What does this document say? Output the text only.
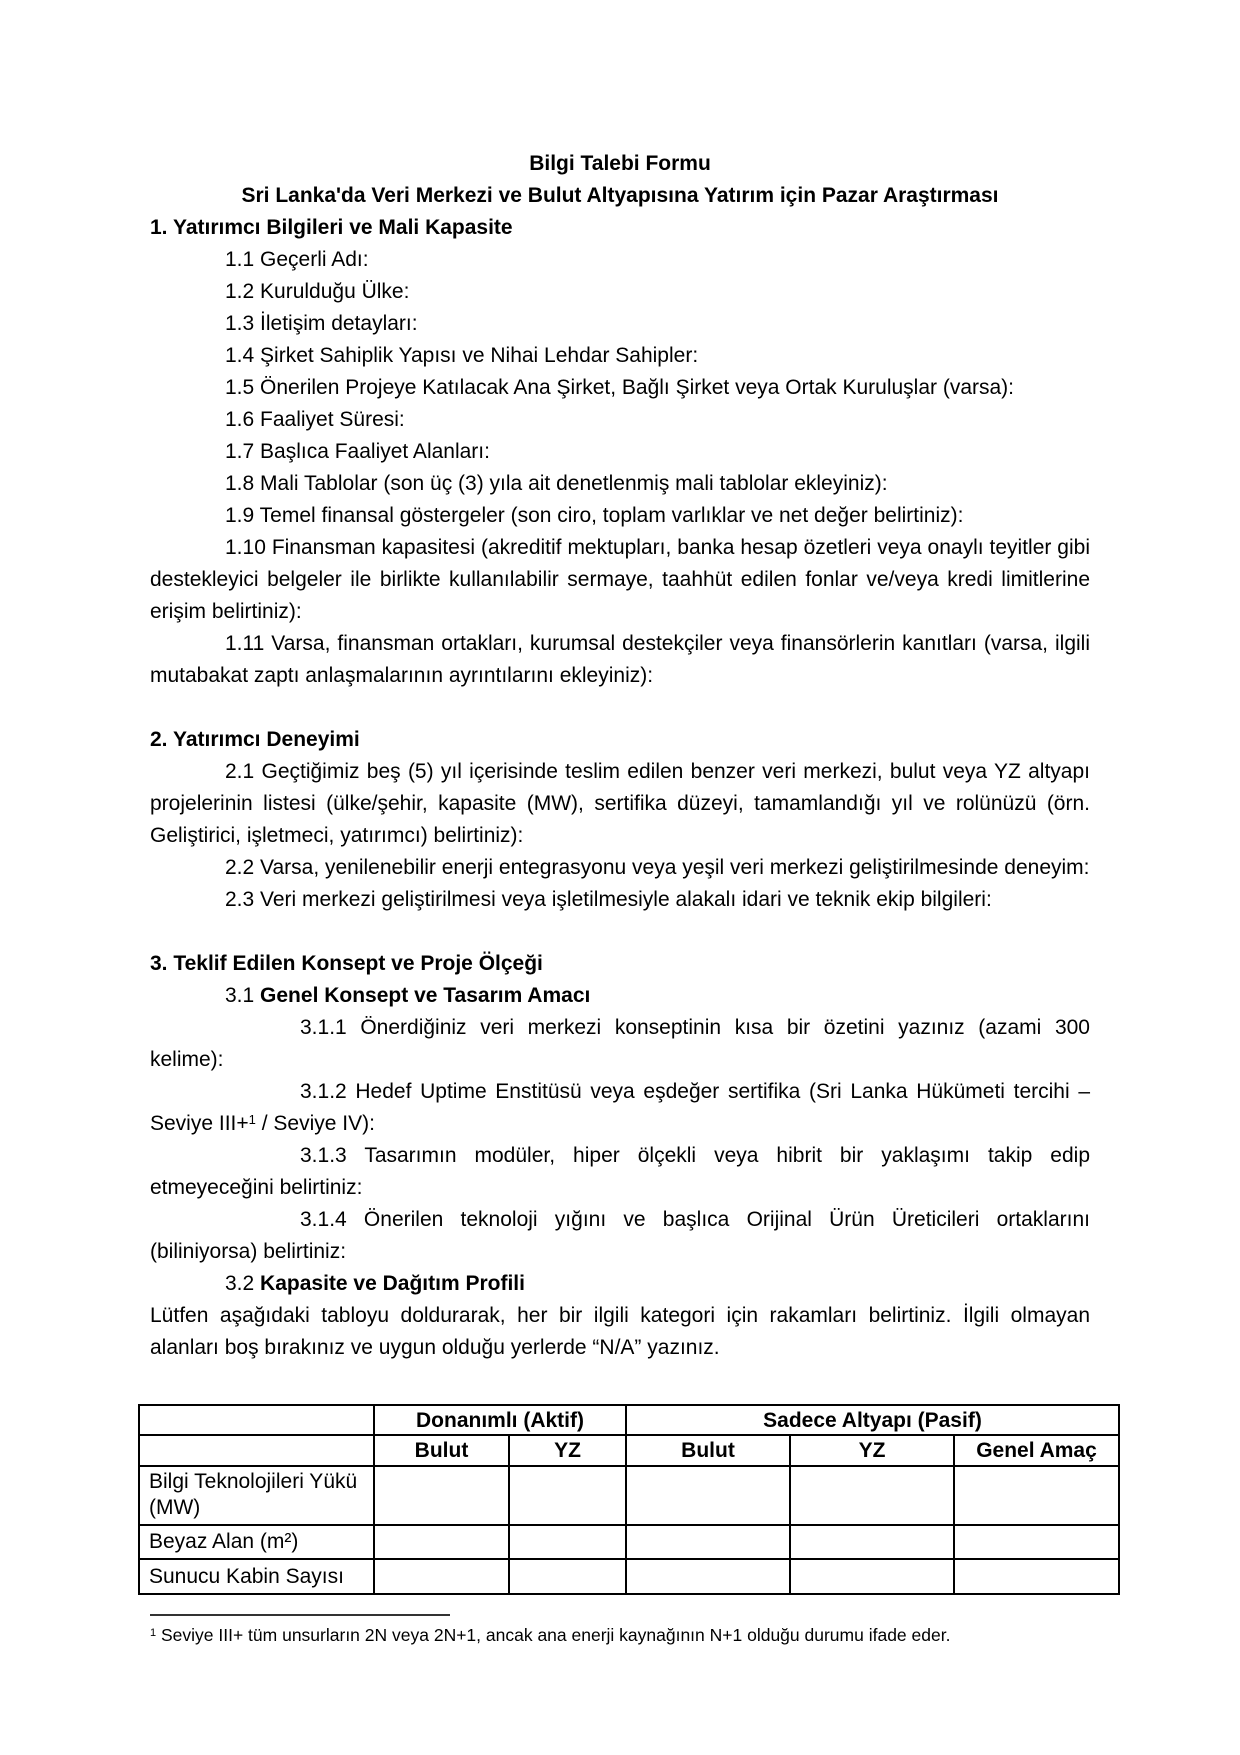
Bilgi Talebi Formu

Sri Lanka'da Veri Merkezi ve Bulut Altyapısına Yatırım için Pazar Araştırması

1. Yatırımcı Bilgileri ve Mali Kapasite

1.1 Geçerli Adı:

1.2 Kurulduğu Ülke:

1.3 İletişim detayları:

1.4 Şirket Sahiplik Yapısı ve Nihai Lehdar Sahipler:

1.5 Önerilen Projeye Katılacak Ana Şirket, Bağlı Şirket veya Ortak Kuruluşlar (varsa):

1.6 Faaliyet Süresi:

1.7 Başlıca Faaliyet Alanları:

1.8 Mali Tablolar (son üç (3) yıla ait denetlenmiş mali tablolar ekleyiniz):

1.9 Temel finansal göstergeler (son ciro, toplam varlıklar ve net değer belirtiniz):

1.10 Finansman kapasitesi (akreditif mektupları, banka hesap özetleri veya onaylı teyitler gibi destekleyici belgeler ile birlikte kullanılabilir sermaye, taahhüt edilen fonlar ve/veya kredi limitlerine erişim belirtiniz):

1.11 Varsa, finansman ortakları, kurumsal destekçiler veya finansörlerin kanıtları (varsa, ilgili mutabakat zaptı anlaşmalarının ayrıntılarını ekleyiniz):

2. Yatırımcı Deneyimi

2.1 Geçtiğimiz beş (5) yıl içerisinde teslim edilen benzer veri merkezi, bulut veya YZ altyapı projelerinin listesi (ülke/şehir, kapasite (MW), sertifika düzeyi, tamamlandığı yıl ve rolünüzü (örn. Geliştirici, işletmeci, yatırımcı) belirtiniz):

2.2 Varsa, yenilenebilir enerji entegrasyonu veya yeşil veri merkezi geliştirilmesinde deneyim:

2.3 Veri merkezi geliştirilmesi veya işletilmesiyle alakalı idari ve teknik ekip bilgileri:

3. Teklif Edilen Konsept ve Proje Ölçeği

3.1 Genel Konsept ve Tasarım Amacı

3.1.1 Önerdiğiniz veri merkezi konseptinin kısa bir özetini yazınız (azami 300 kelime):

3.1.2 Hedef Uptime Enstitüsü veya eşdeğer sertifika (Sri Lanka Hükümeti tercihi – Seviye III+$^1$ / Seviye IV):

3.1.3 Tasarımın modüler, hiper ölçekli veya hibrit bir yaklaşımı takip edip etmeyeceğini belirtiniz:

3.1.4 Önerilen teknoloji yığını ve başlıca Orijinal Ürün Üreticileri ortaklarını (biliniyorsa) belirtiniz:

3.2 Kapasite ve Dağıtım Profili

Lütfen aşağıdaki tabloyu doldurarak, her bir ilgili kategori için rakamları belirtiniz. İlgili olmayan alanları boş bırakınız ve uygun olduğu yerlerde “N/A” yazınız.

	Donanımlı (Aktif)		Sadece Altyapı (Pasif)		
	Bulut	YZ	Bulut	YZ	Genel Amaç
Bilgi Teknolojileri Yükü (MW)					
Beyaz Alan (m²)					
Sunucu Kabin Sayısı					

$^1$ Seviye III+ tüm unsurların 2N veya 2N+1, ancak ana enerji kaynağının N+1 olduğu durumu ifade eder.
